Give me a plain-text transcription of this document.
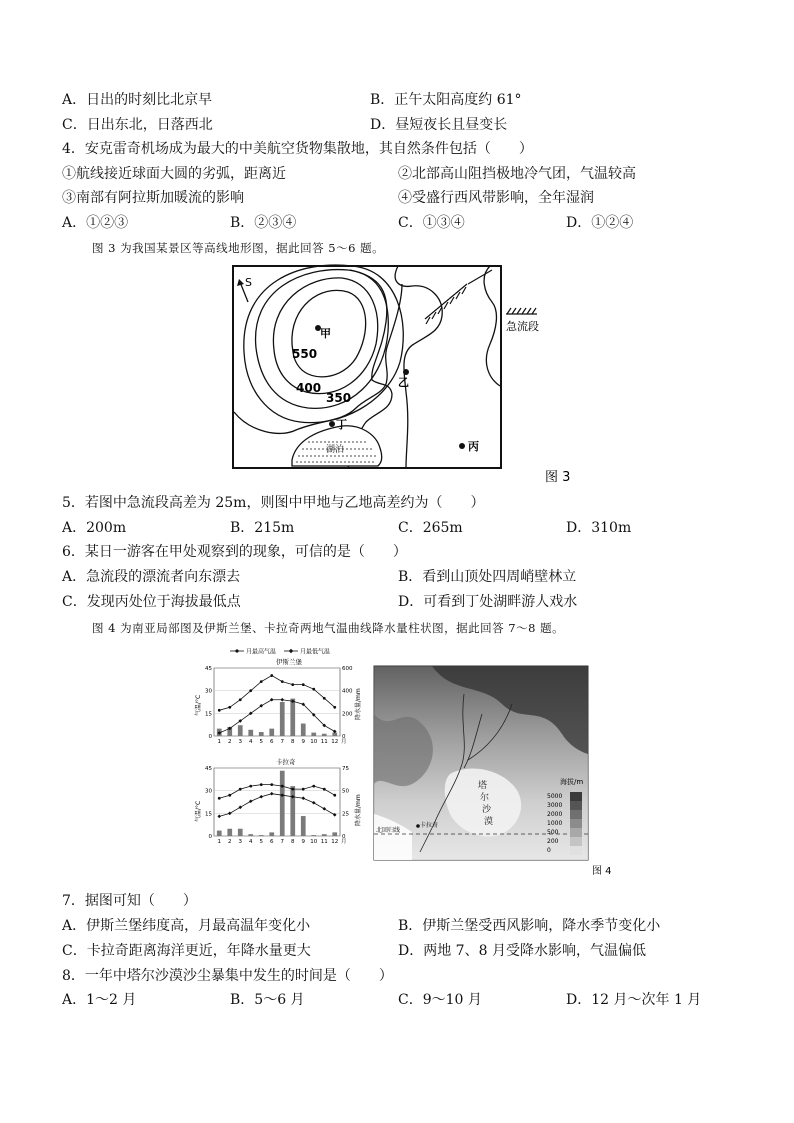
A．日出的时刻比北京早	B．正午太阳高度约 61°
C．日出东北，日落西北	D．昼短夜长且昼变长
4．安克雷奇机场成为最大的中美航空货物集散地，其自然条件包括（　　）
①航线接近球面大圆的劣弧，距离近	②北部高山阻挡极地冷气团，气温较高
③南部有阿拉斯加暖流的影响	④受盛行西风带影响，全年湿润
A．①②③	B．②③④	C．①③④	D．①②④
图 3 为我国某景区等高线地形图，据此回答 5～6 题。
S
湖泊
甲
乙
丁
丙
550
400
350
急流段
图 3
5．若图中急流段高差为 25m，则图中甲地与乙地高差约为（　　）
A．200m	B．215m	C．265m	D．310m
6．某日一游客在甲处观察到的现象，可信的是（　　）
A．急流段的漂流者向东漂去	B．看到山顶处四周峭壁林立
C．发现丙处位于海拔最低点	D．可看到丁处湖畔游人戏水
图 4 为南亚局部图及伊斯兰堡、卡拉奇两地气温曲线降水量柱状图，据此回答 7～8 题。
月最高气温	月最低气温
伊斯兰堡
气温/°C	降水量/mm
卡拉奇
气温/°C	降水量/mm
0
15
30
45
0
200
400
600
1 2 3 4 5 6 7 8 9 10 11 12 月
0
15
30
45
0
25
50
75
1 2 3 4 5 6 7 8 9 10 11 12 月
卡拉奇
北回归线
塔
尔
沙
漠
海拔/m
5000
3000
2000
1000
500
200
0
图 4
7．据图可知（　　）
A．伊斯兰堡纬度高，月最高温年变化小	B．伊斯兰堡受西风影响，降水季节变化小
C．卡拉奇距离海洋更近，年降水量更大	D．两地 7、8 月受降水影响，气温偏低
8．一年中塔尔沙漠沙尘暴集中发生的时间是（　　）
A．1～2 月	B．5～6 月	C．9～10 月	D．12 月～次年 1 月
